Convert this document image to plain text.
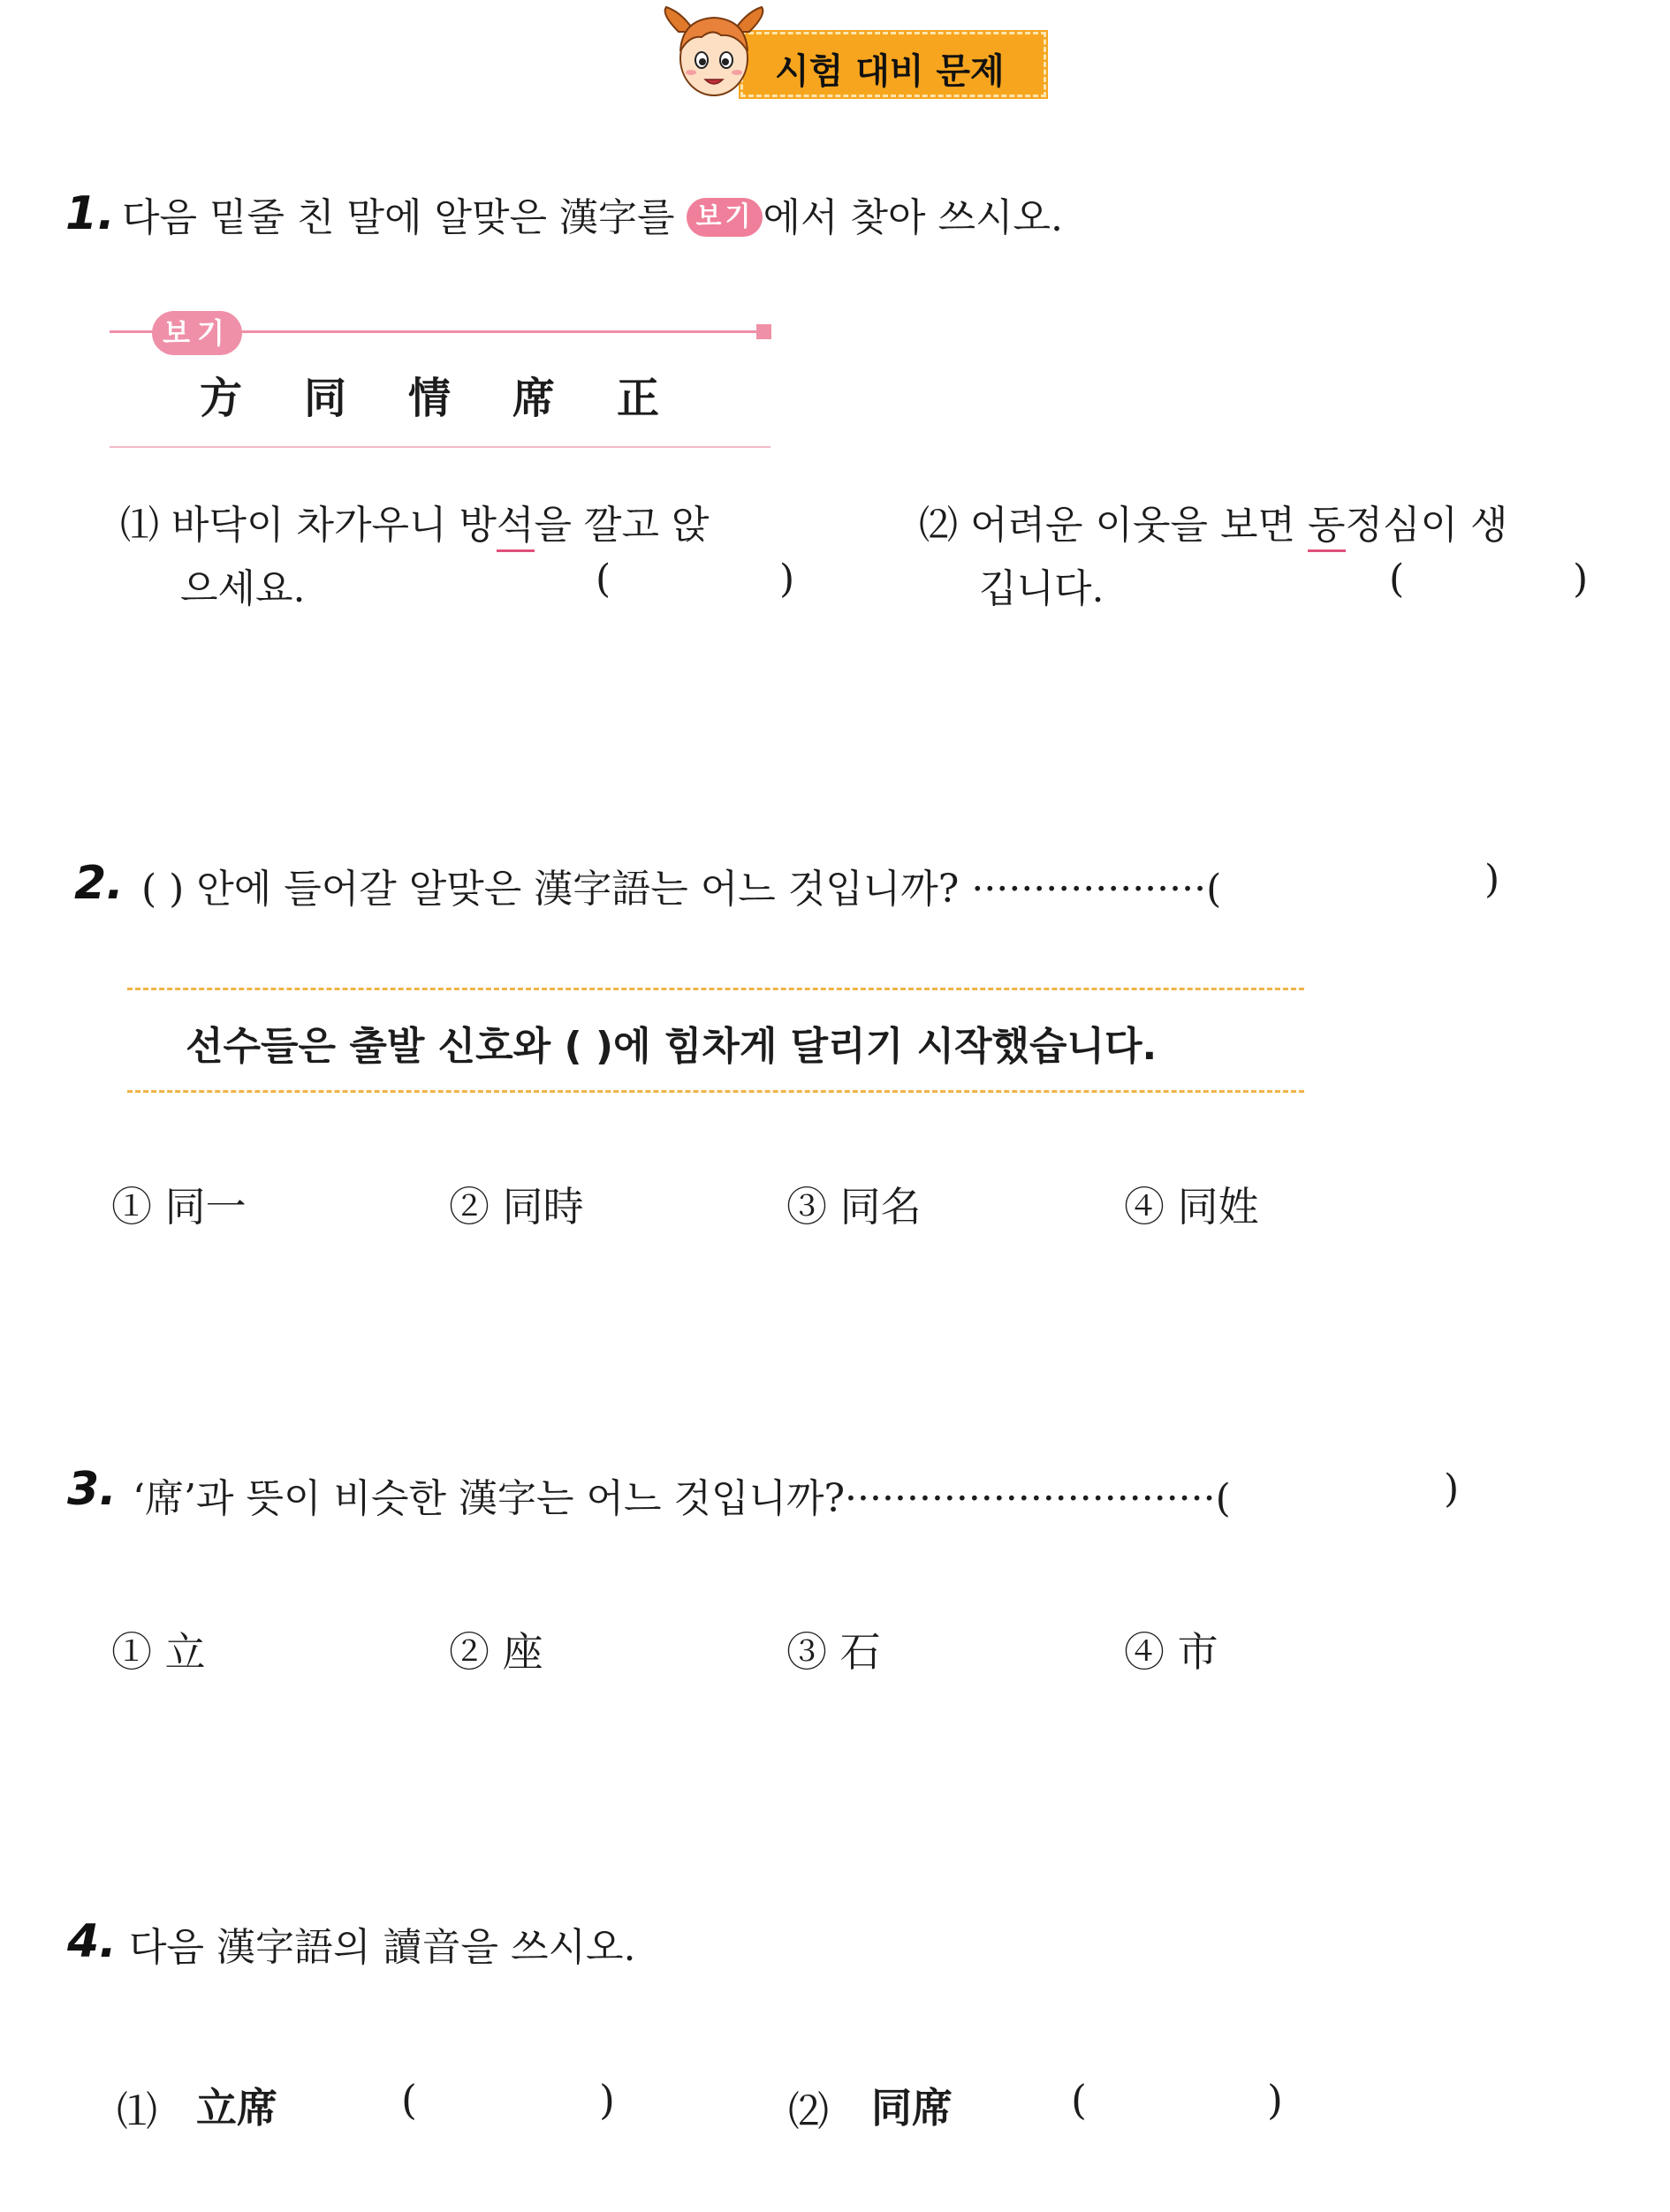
시험 대비 문제
1. 다음 밑줄 친 말에 알맞은 漢字를 보기 에서 찾아 쓰시오.
보기
方 同 情 席 正
⑴ 바닥이 차가우니 방석을 깔고 앉
으세요.	(	)
⑵ 어려운 이웃을 보면 동정심이 생
깁니다.	(	)
2. ( ) 안에 들어갈 알맞은 漢字語는 어느 것입니까? ···················(	)
선수들은 출발 신호와 ( )에 힘차게 달리기 시작했습니다.
① 同一	② 同時	③ 同名	④ 同姓
3. ‘席’과 뜻이 비슷한 漢字는 어느 것입니까?······························(	)
① 立	② 座	③ 石	④ 市
4. 다음 漢字語의 讀音을 쓰시오.
⑴ 立席	(	)	⑵ 同席	(	)
